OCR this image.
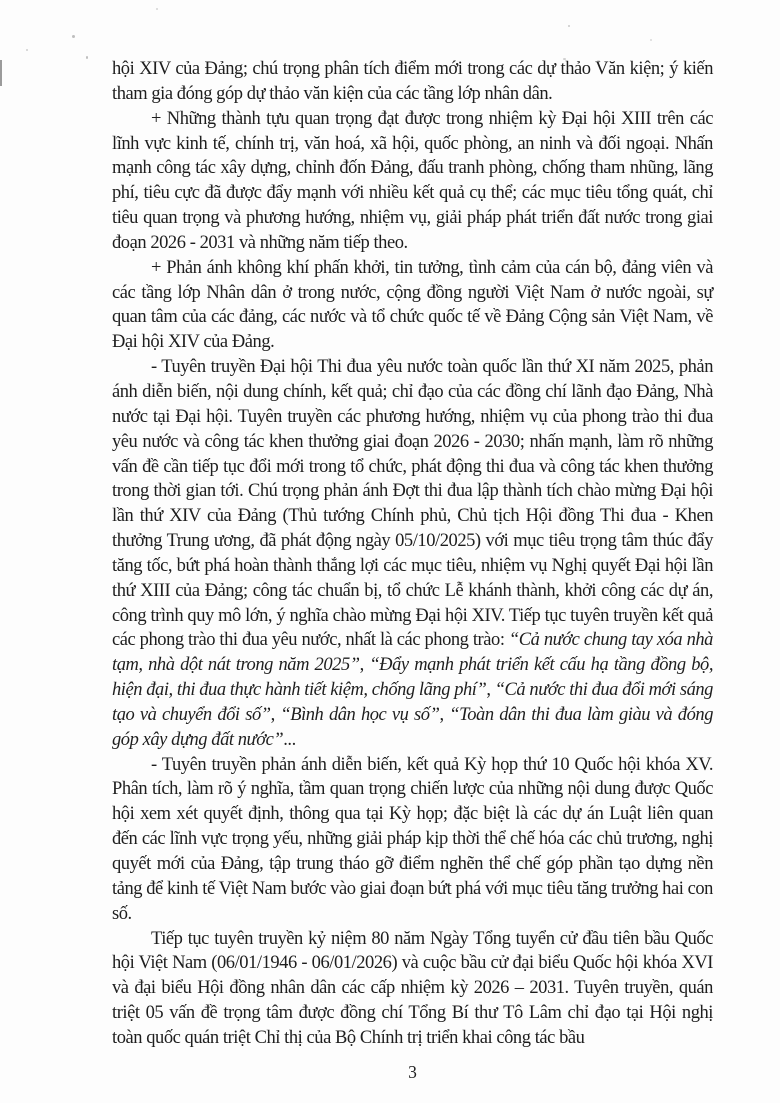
hội XIV của Đảng; chú trọng phân tích điểm mới trong các dự thảo Văn kiện; ý kiến tham gia đóng góp dự thảo văn kiện của các tầng lớp nhân dân.

+ Những thành tựu quan trọng đạt được trong nhiệm kỳ Đại hội XIII trên các lĩnh vực kinh tế, chính trị, văn hoá, xã hội, quốc phòng, an ninh và đối ngoại. Nhấn mạnh công tác xây dựng, chỉnh đốn Đảng, đấu tranh phòng, chống tham nhũng, lãng phí, tiêu cực đã được đẩy mạnh với nhiều kết quả cụ thể; các mục tiêu tổng quát, chỉ tiêu quan trọng và phương hướng, nhiệm vụ, giải pháp phát triển đất nước trong giai đoạn 2026 - 2031 và những năm tiếp theo.

+ Phản ánh không khí phấn khởi, tin tưởng, tình cảm của cán bộ, đảng viên và các tầng lớp Nhân dân ở trong nước, cộng đồng người Việt Nam ở nước ngoài, sự quan tâm của các đảng, các nước và tổ chức quốc tế về Đảng Cộng sản Việt Nam, về Đại hội XIV của Đảng.

- Tuyên truyền Đại hội Thi đua yêu nước toàn quốc lần thứ XI năm 2025, phản ánh diễn biến, nội dung chính, kết quả; chỉ đạo của các đồng chí lãnh đạo Đảng, Nhà nước tại Đại hội. Tuyên truyền các phương hướng, nhiệm vụ của phong trào thi đua yêu nước và công tác khen thưởng giai đoạn 2026 - 2030; nhấn mạnh, làm rõ những vấn đề cần tiếp tục đổi mới trong tổ chức, phát động thi đua và công tác khen thưởng trong thời gian tới. Chú trọng phản ánh Đợt thi đua lập thành tích chào mừng Đại hội lần thứ XIV của Đảng (Thủ tướng Chính phủ, Chủ tịch Hội đồng Thi đua - Khen thưởng Trung ương, đã phát động ngày 05/10/2025) với mục tiêu trọng tâm thúc đẩy tăng tốc, bứt phá hoàn thành thắng lợi các mục tiêu, nhiệm vụ Nghị quyết Đại hội lần thứ XIII của Đảng; công tác chuẩn bị, tổ chức Lễ khánh thành, khởi công các dự án, công trình quy mô lớn, ý nghĩa chào mừng Đại hội XIV. Tiếp tục tuyên truyền kết quả các phong trào thi đua yêu nước, nhất là các phong trào: “Cả nước chung tay xóa nhà tạm, nhà dột nát trong năm 2025”, “Đẩy mạnh phát triển kết cấu hạ tầng đồng bộ, hiện đại, thi đua thực hành tiết kiệm, chống lãng phí”, “Cả nước thi đua đổi mới sáng tạo và chuyển đổi số”, “Bình dân học vụ số”, “Toàn dân thi đua làm giàu và đóng góp xây dựng đất nước”...

- Tuyên truyền phản ánh diễn biến, kết quả Kỳ họp thứ 10 Quốc hội khóa XV. Phân tích, làm rõ ý nghĩa, tầm quan trọng chiến lược của những nội dung được Quốc hội xem xét quyết định, thông qua tại Kỳ họp; đặc biệt là các dự án Luật liên quan đến các lĩnh vực trọng yếu, những giải pháp kịp thời thể chế hóa các chủ trương, nghị quyết mới của Đảng, tập trung tháo gỡ điểm nghẽn thể chế góp phần tạo dựng nền tảng để kinh tế Việt Nam bước vào giai đoạn bứt phá với mục tiêu tăng trưởng hai con số.

Tiếp tục tuyên truyền kỷ niệm 80 năm Ngày Tổng tuyển cử đầu tiên bầu Quốc hội Việt Nam (06/01/1946 - 06/01/2026) và cuộc bầu cử đại biểu Quốc hội khóa XVI và đại biểu Hội đồng nhân dân các cấp nhiệm kỳ 2026 – 2031. Tuyên truyền, quán triệt 05 vấn đề trọng tâm được đồng chí Tổng Bí thư Tô Lâm chỉ đạo tại Hội nghị toàn quốc quán triệt Chỉ thị của Bộ Chính trị triển khai công tác bầu

3
